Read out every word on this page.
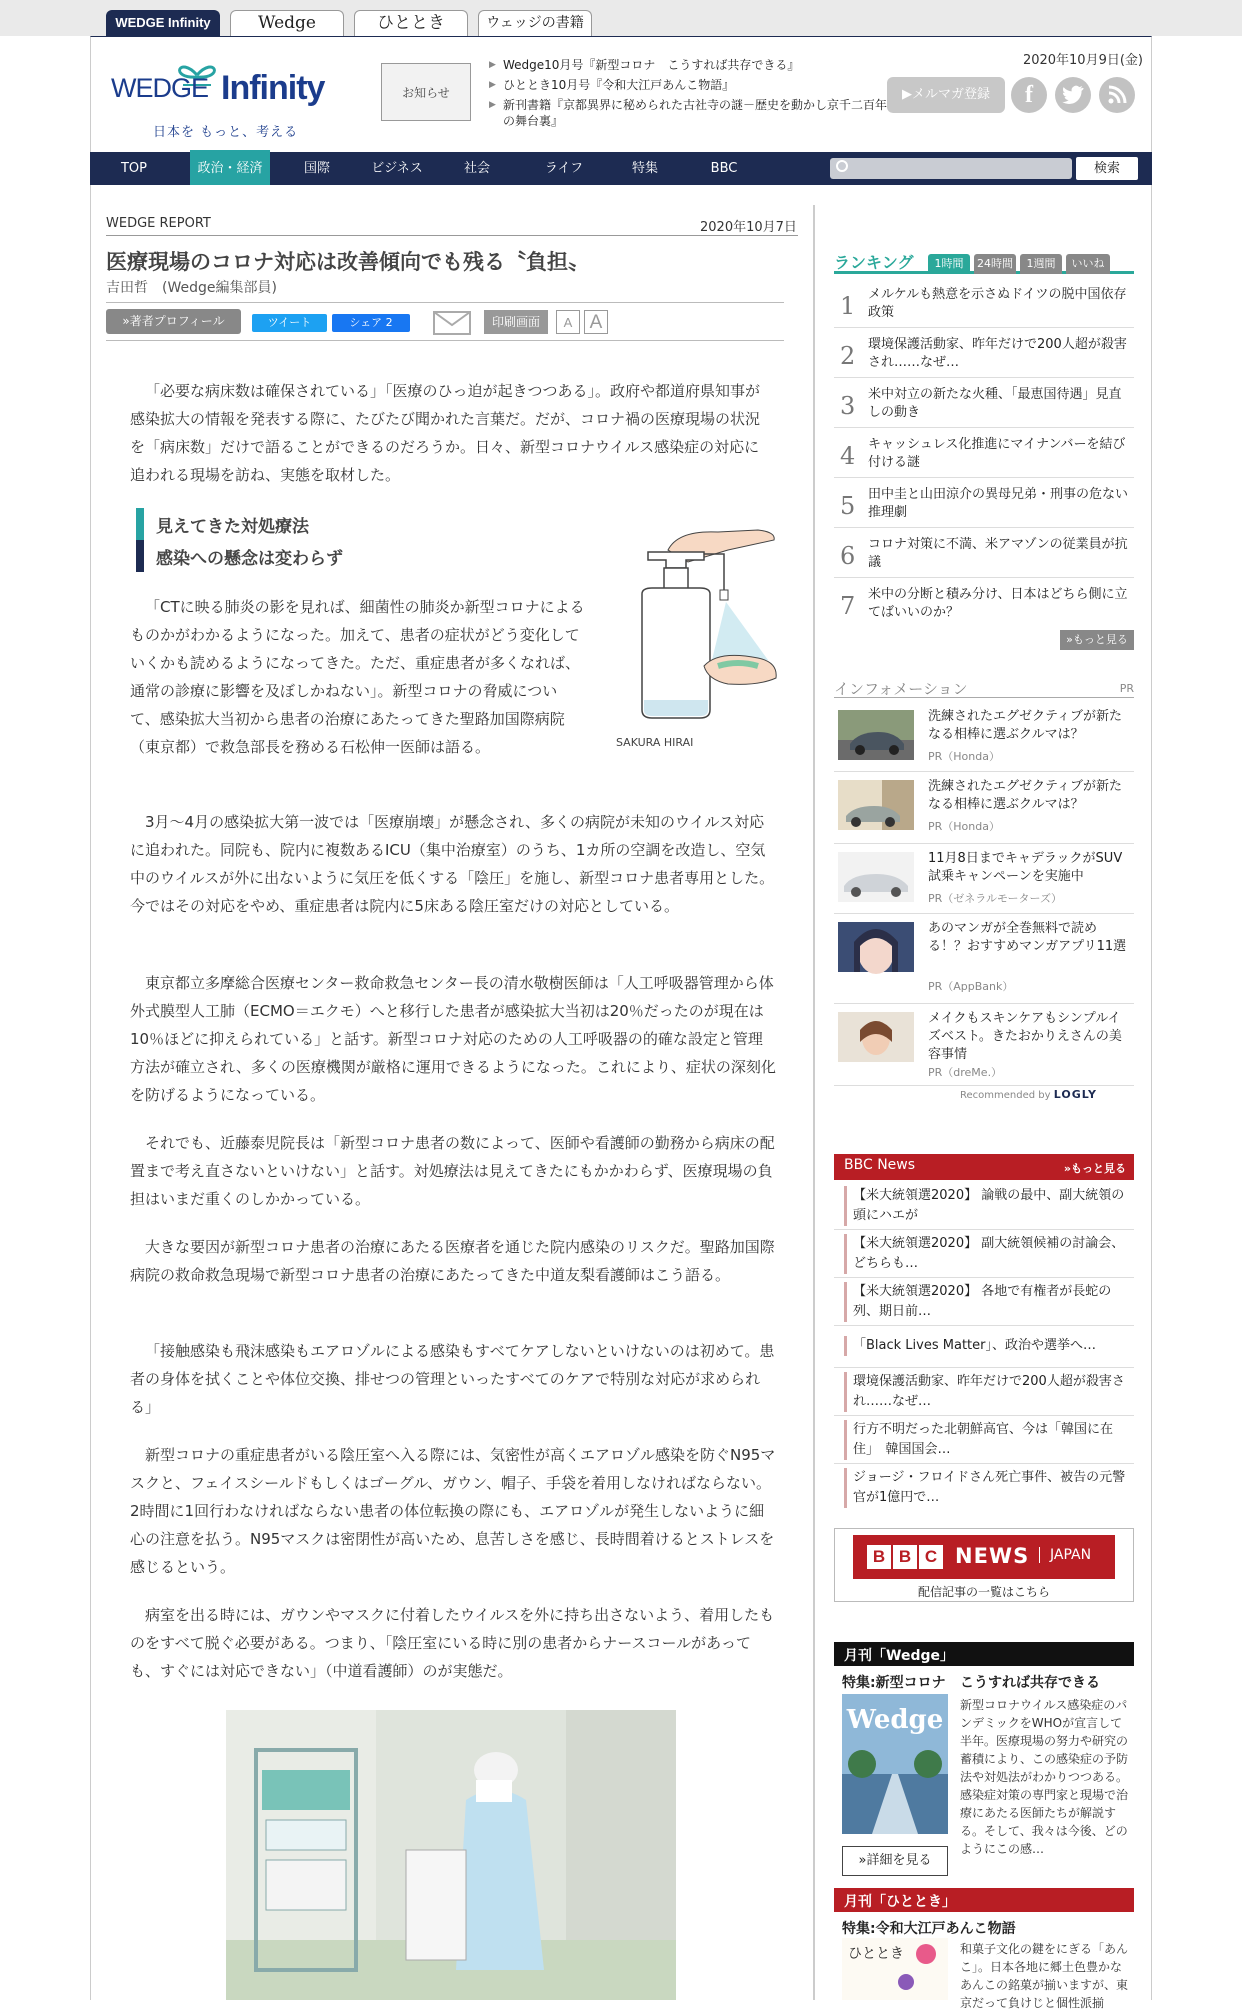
WEDGE Infinity	Wedge	ひととき	ウェッジの書籍
WEDGE Infinity
日本を もっと、考える
お知らせ
▶ Wedge10月号『新型コロナ　こうすれば共存できる』
▶ ひととき10月号『令和大江戸あんこ物語』
▶ 新刊書籍『京都異界に秘められた古社寺の謎－歴史を動かし京千二百年の舞台裏』
2020年10月9日(金)
▶メルマガ登録	f
TOP	政治・経済	国際	ビジネス	社会	ライフ	特集	BBC	検索
WEDGE REPORT	2020年10月7日
医療現場のコロナ対応は改善傾向でも残る〝負担〟
吉田哲　(Wedge編集部員)
»著者プロフィール	ツイート	シェア 2	印刷画面	A A

「必要な病床数は確保されている」「医療のひっ迫が起きつつある」。政府や都道府県知事が感染拡大の情報を発表する際に、たびたび聞かれた言葉だ。だが、コロナ禍の医療現場の状況を「病床数」だけで語ることができるのだろうか。日々、新型コロナウイルス感染症の対応に追われる現場を訪ね、実態を取材した。

見えてきた対処療法
感染への懸念は変わらず
SAKURA HIRAI

「CTに映る肺炎の影を見れば、細菌性の肺炎か新型コロナによるものかがわかるようになった。加えて、患者の症状がどう変化していくかも読めるようになってきた。ただ、重症患者が多くなれば、通常の診療に影響を及ぼしかねない」。新型コロナの脅威について、感染拡大当初から患者の治療にあたってきた聖路加国際病院（東京都）で救急部長を務める石松伸一医師は語る。

3月～4月の感染拡大第一波では「医療崩壊」が懸念され、多くの病院が未知のウイルス対応に追われた。同院も、院内に複数あるICU（集中治療室）のうち、1カ所の空調を改造し、空気中のウイルスが外に出ないように気圧を低くする「陰圧」を施し、新型コロナ患者専用とした。今ではその対応をやめ、重症患者は院内に5床ある陰圧室だけの対応としている。

東京都立多摩総合医療センター救命救急センター長の清水敬樹医師は「人工呼吸器管理から体外式膜型人工肺（ECMO＝エクモ）へと移行した患者が感染拡大当初は20％だったのが現在は10％ほどに抑えられている」と話す。新型コロナ対応のための人工呼吸器の的確な設定と管理方法が確立され、多くの医療機関が厳格に運用できるようになった。これにより、症状の深刻化を防げるようになっている。

それでも、近藤泰児院長は「新型コロナ患者の数によって、医師や看護師の勤務から病床の配置まで考え直さないといけない」と話す。対処療法は見えてきたにもかかわらず、医療現場の負担はいまだ重くのしかかっている。

大きな要因が新型コロナ患者の治療にあたる医療者を通じた院内感染のリスクだ。聖路加国際病院の救命救急現場で新型コロナ患者の治療にあたってきた中道友梨看護師はこう語る。

「接触感染も飛沫感染もエアロゾルによる感染もすべてケアしないといけないのは初めて。患者の身体を拭くことや体位交換、排せつの管理といったすべてのケアで特別な対応が求められる」

新型コロナの重症患者がいる陰圧室へ入る際には、気密性が高くエアロゾル感染を防ぐN95マスクと、フェイスシールドもしくはゴーグル、ガウン、帽子、手袋を着用しなければならない。2時間に1回行わなければならない患者の体位転換の際にも、エアロゾルが発生しないように細心の注意を払う。N95マスクは密閉性が高いため、息苦しさを感じ、長時間着けるとストレスを感じるという。

病室を出る時には、ガウンやマスクに付着したウイルスを外に持ち出さないよう、着用したものをすべて脱ぐ必要がある。つまり、「陰圧室にいる時に別の患者からナースコールがあっても、すぐには対応できない」（中道看護師）のが実態だ。

ランキング	1時間	24時間	1週間	いいね
1 メルケルも熱意を示さぬドイツの脱中国依存政策
2 環境保護活動家、昨年だけで200人超が殺害され……なぜ…
3 米中対立の新たな火種、「最恵国待遇」見直しの動き
4 キャッシュレス化推進にマイナンバーを結び付ける謎
5 田中圭と山田涼介の異母兄弟・刑事の危ない推理劇
6 コロナ対策に不満、米アマゾンの従業員が抗議
7 米中の分断と積み分け、日本はどちら側に立てばいいのか？
»もっと見る
インフォメーション	PR
洗練されたエグゼクティブが新たなる相棒に選ぶクルマは？
PR（Honda）
洗練されたエグゼクティブが新たなる相棒に選ぶクルマは？
PR（Honda）
11月8日までキャデラックがSUV試乗キャンペーンを実施中
PR（ゼネラルモーターズ）
あのマンガが全巻無料で読める！？おすすめマンガアプリ11選
PR（AppBank）
メイクもスキンケアもシンプルイズベスト。きたおかりえさんの美容事情
PR（dreMe.）
Recommended by LOGLY
BBC News	»もっと見る
【米大統領選2020】 論戦の最中、副大統領の頭にハエが
【米大統領選2020】 副大統領候補の討論会、どちらも…
【米大統領選2020】 各地で有権者が長蛇の列、期日前…
「Black Lives Matter」、政治や選挙へ…
環境保護活動家、昨年だけで200人超が殺害され……なぜ…
行方不明だった北朝鮮高官、今は「韓国に在住」　韓国国会…
ジョージ・フロイドさん死亡事件、被告の元警官が1億円で…
B B C NEWS	JAPAN
配信記事の一覧はこちら
月刊「Wedge」
特集:新型コロナ こうすれば共存できる
Wedge 新型コロナウイルス感染症のパンデミックをWHOが宣言して半年。医療現場の努力や研究の蓄積により、この感染症の予防法や対処法がわかりつつある。感染症対策の専門家と現場で治療にあたる医師たちが解説する。そして、我々は今後、どのようにこの感…
»詳細を見る
月刊「ひととき」
特集:令和大江戸あんこ物語
ひととき	和菓子文化の鍵をにぎる「あんこ」。日本各地に郷土色豊かなあんこの銘菓が揃いますが、東京だって負けじと個性派揃
